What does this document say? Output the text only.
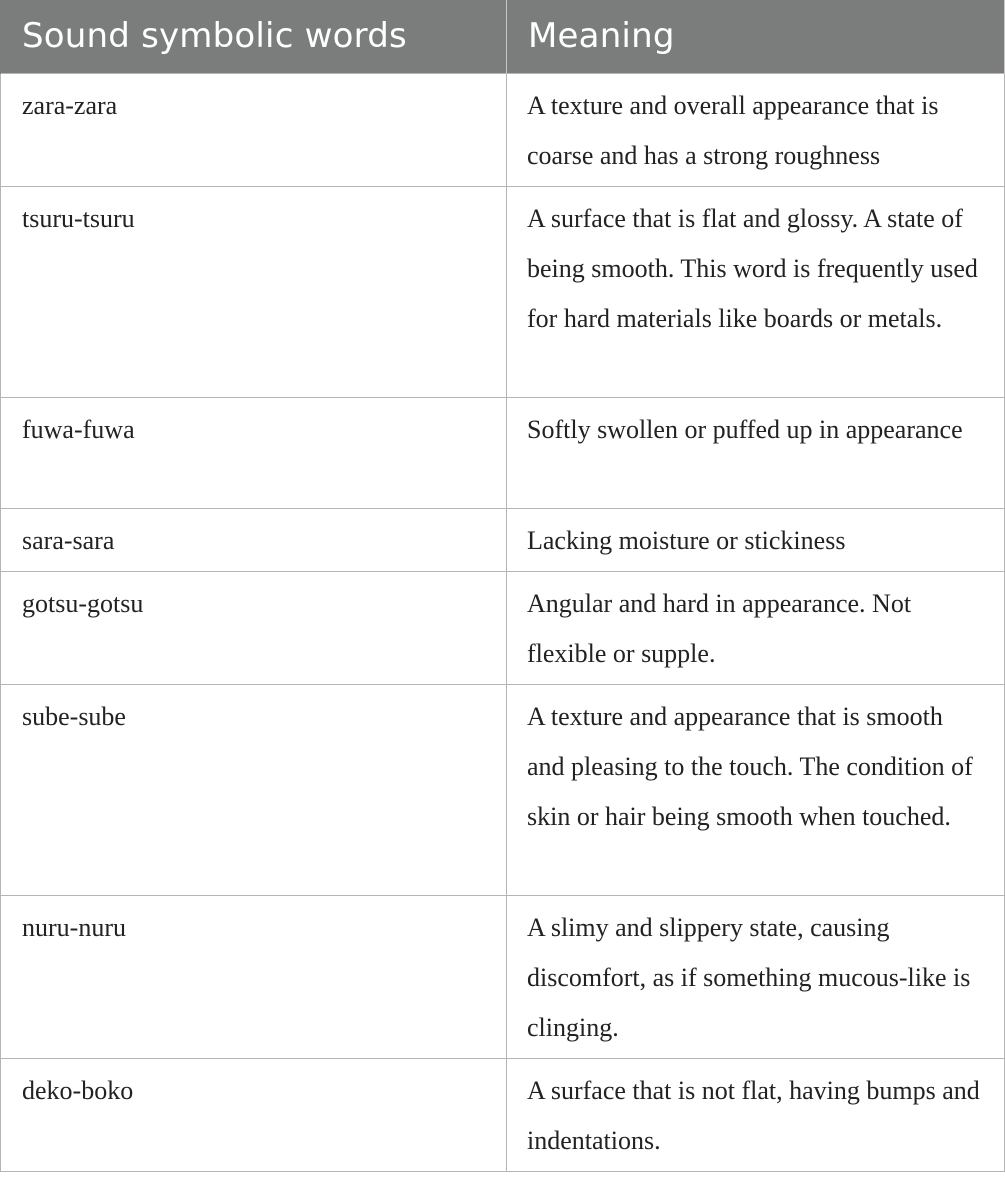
Sound symbolic words	Meaning
zara-zara	A texture and overall appearance that is coarse and has a strong roughness
tsuru-tsuru	A surface that is flat and glossy. A state of being smooth. This word is frequently used for hard materials like boards or metals.
fuwa-fuwa	Softly swollen or puffed up in appearance
sara-sara	Lacking moisture or stickiness
gotsu-gotsu	Angular and hard in appearance. Not flexible or supple.
sube-sube	A texture and appearance that is smooth and pleasing to the touch. The condition of skin or hair being smooth when touched.
nuru-nuru	A slimy and slippery state, causing discomfort, as if something mucous-like is clinging.
deko-boko	A surface that is not flat, having bumps and indentations.
